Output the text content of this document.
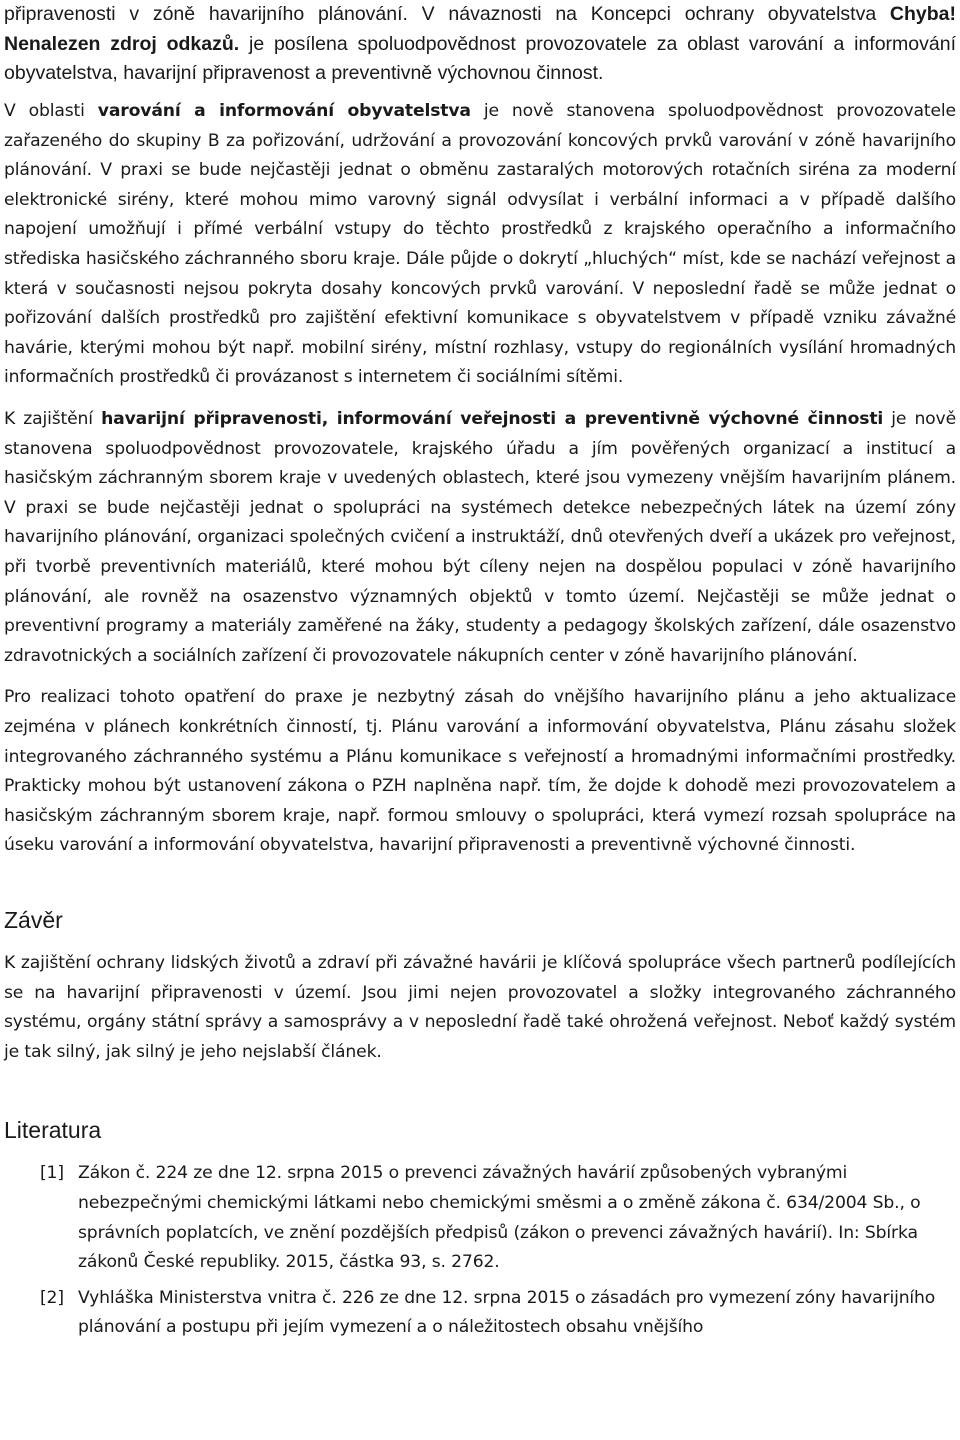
připravenosti v zóně havarijního plánování. V návaznosti na Koncepci ochrany obyvatelstva Chyba! Nenalezen zdroj odkazů. je posílena spoluodpovědnost provozovatele za oblast varování a informování obyvatelstva, havarijní připravenost a preventivně výchovnou činnost.

V oblasti varování a informování obyvatelstva je nově stanovena spoluodpovědnost provozovatele zařazeného do skupiny B za pořizování, udržování a provozování koncových prvků varování v zóně havarijního plánování. V praxi se bude nejčastěji jednat o obměnu zastaralých motorových rotačních siréna za moderní elektronické sirény, které mohou mimo varovný signál odvysílat i verbální informaci a v případě dalšího napojení umožňují i přímé verbální vstupy do těchto prostředků z krajského operačního a informačního střediska hasičského záchranného sboru kraje. Dále půjde o dokrytí „hluchých“ míst, kde se nachází veřejnost a která v současnosti nejsou pokryta dosahy koncových prvků varování. V neposlední řadě se může jednat o pořizování dalších prostředků pro zajištění efektivní komunikace s obyvatelstvem v případě vzniku závažné havárie, kterými mohou být např. mobilní sirény, místní rozhlasy, vstupy do regionálních vysílání hromadných informačních prostředků či provázanost s internetem či sociálními sítěmi.

K zajištění havarijní připravenosti, informování veřejnosti a preventivně výchovné činnosti je nově stanovena spoluodpovědnost provozovatele, krajského úřadu a jím pověřených organizací a institucí a hasičským záchranným sborem kraje v uvedených oblastech, které jsou vymezeny vnějším havarijním plánem. V praxi se bude nejčastěji jednat o spolupráci na systémech detekce nebezpečných látek na území zóny havarijního plánování, organizaci společných cvičení a instruktáží, dnů otevřených dveří a ukázek pro veřejnost, při tvorbě preventivních materiálů, které mohou být cíleny nejen na dospělou populaci v zóně havarijního plánování, ale rovněž na osazenstvo významných objektů v tomto území. Nejčastěji se může jednat o preventivní programy a materiály zaměřené na žáky, studenty a pedagogy školských zařízení, dále osazenstvo zdravotnických a sociálních zařízení či provozovatele nákupních center v zóně havarijního plánování.

Pro realizaci tohoto opatření do praxe je nezbytný zásah do vnějšího havarijního plánu a jeho aktualizace zejména v plánech konkrétních činností, tj. Plánu varování a informování obyvatelstva, Plánu zásahu složek integrovaného záchranného systému a Plánu komunikace s veřejností a hromadnými informačními prostředky. Prakticky mohou být ustanovení zákona o PZH naplněna např. tím, že dojde k dohodě mezi provozovatelem a hasičským záchranným sborem kraje, např. formou smlouvy o spolupráci, která vymezí rozsah spolupráce na úseku varování a informování obyvatelstva, havarijní připravenosti a preventivně výchovné činnosti.

Závěr

K zajištění ochrany lidských životů a zdraví při závažné havárii je klíčová spolupráce všech partnerů podílejících se na havarijní připravenosti v území. Jsou jimi nejen provozovatel a složky integrovaného záchranného systému, orgány státní správy a samosprávy a v neposlední řadě také ohrožená veřejnost. Neboť každý systém je tak silný, jak silný je jeho nejslabší článek.

Literatura
[1] Zákon č. 224 ze dne 12. srpna 2015 o prevenci závažných havárií způsobených vybranými nebezpečnými chemickými látkami nebo chemickými směsmi a o změně zákona č. 634/2004 Sb., o správních poplatcích, ve znění pozdějších předpisů (zákon o prevenci závažných havárií). In: Sbírka zákonů České republiky. 2015, částka 93, s. 2762.
[2] Vyhláška Ministerstva vnitra č. 226 ze dne 12. srpna 2015 o zásadách pro vymezení zóny havarijního plánování a postupu při jejím vymezení a o náležitostech obsahu vnějšího
